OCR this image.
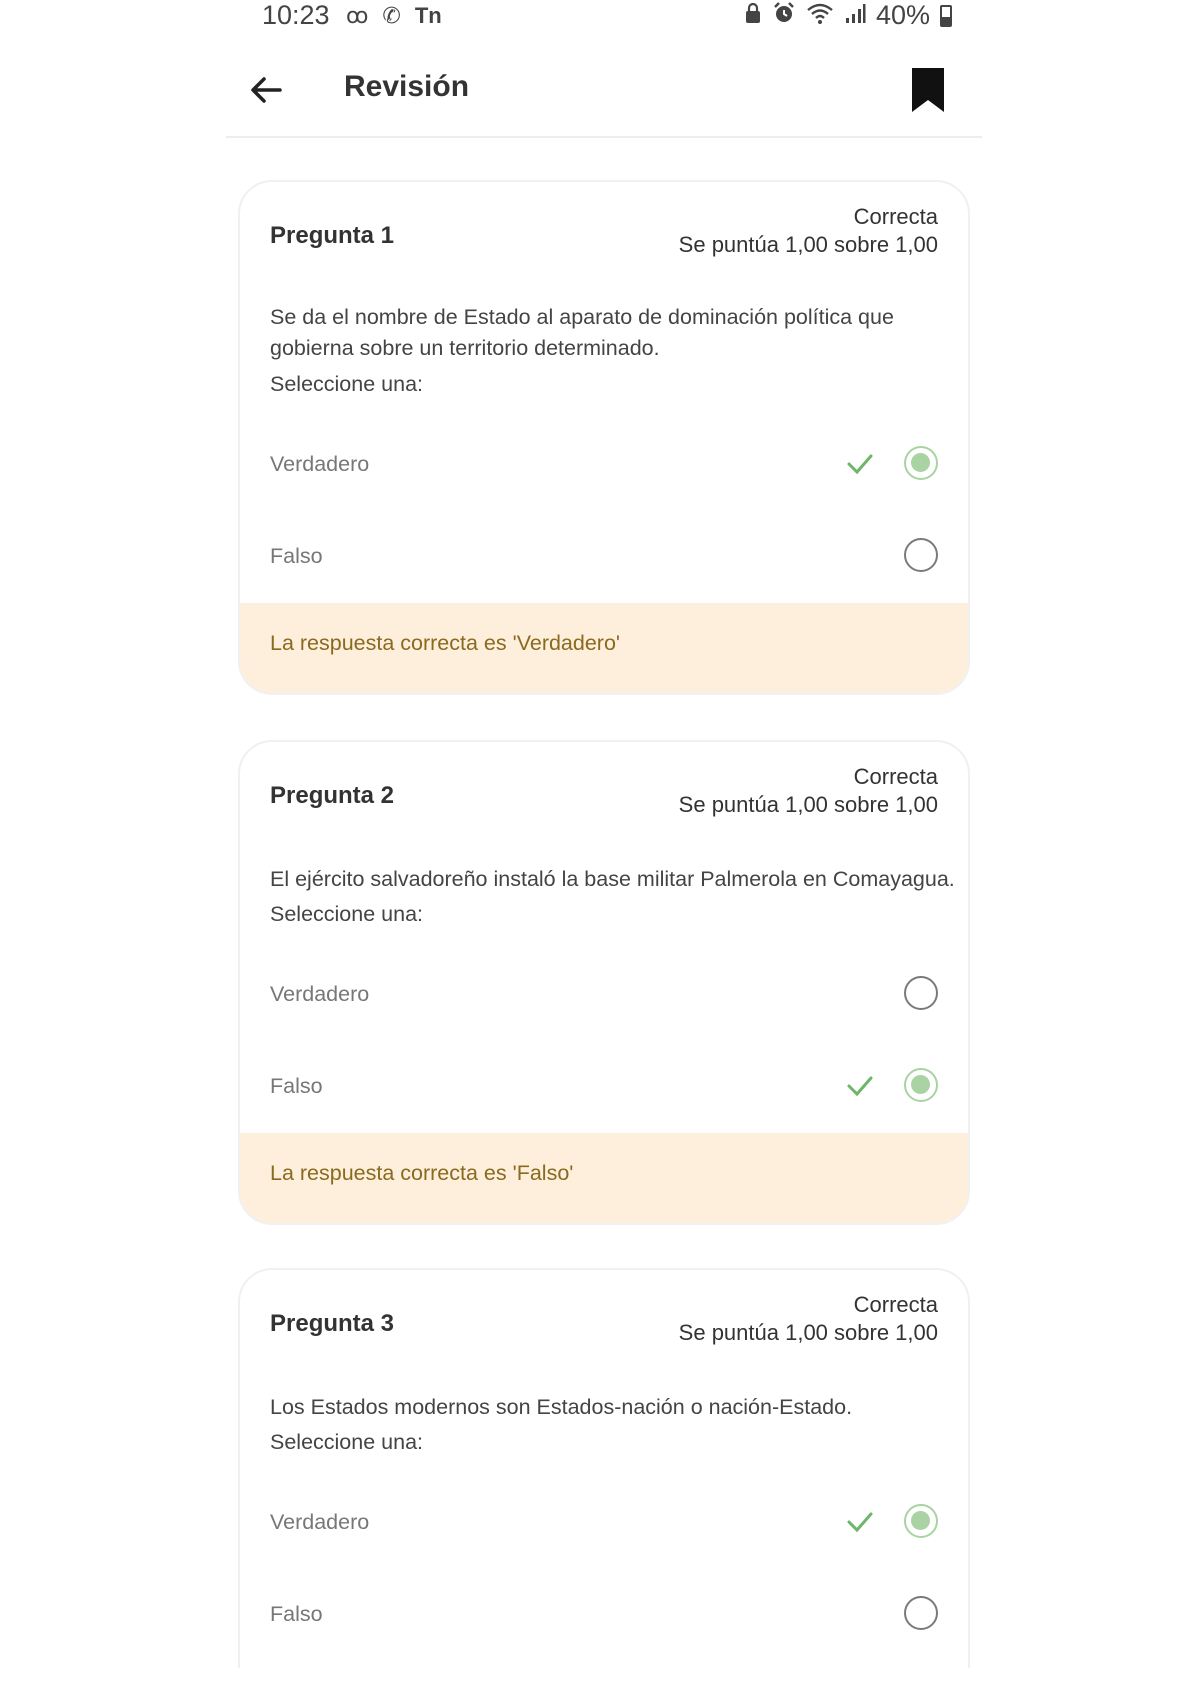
10:23 ꝏ ✆ Tn	40%
Revisión
Pregunta 1
Correcta
Se puntúa 1,00 sobre 1,00
Se da el nombre de Estado al aparato de dominación política que gobierna sobre un territorio determinado.
Seleccione una:
Verdadero
Falso
La respuesta correcta es 'Verdadero'
Pregunta 2
Correcta
Se puntúa 1,00 sobre 1,00
El ejército salvadoreño instaló la base militar Palmerola en Comayagua.
Seleccione una:
Verdadero
Falso
La respuesta correcta es 'Falso'
Pregunta 3
Correcta
Se puntúa 1,00 sobre 1,00
Los Estados modernos son Estados-nación o nación-Estado.
Seleccione una:
Verdadero
Falso
